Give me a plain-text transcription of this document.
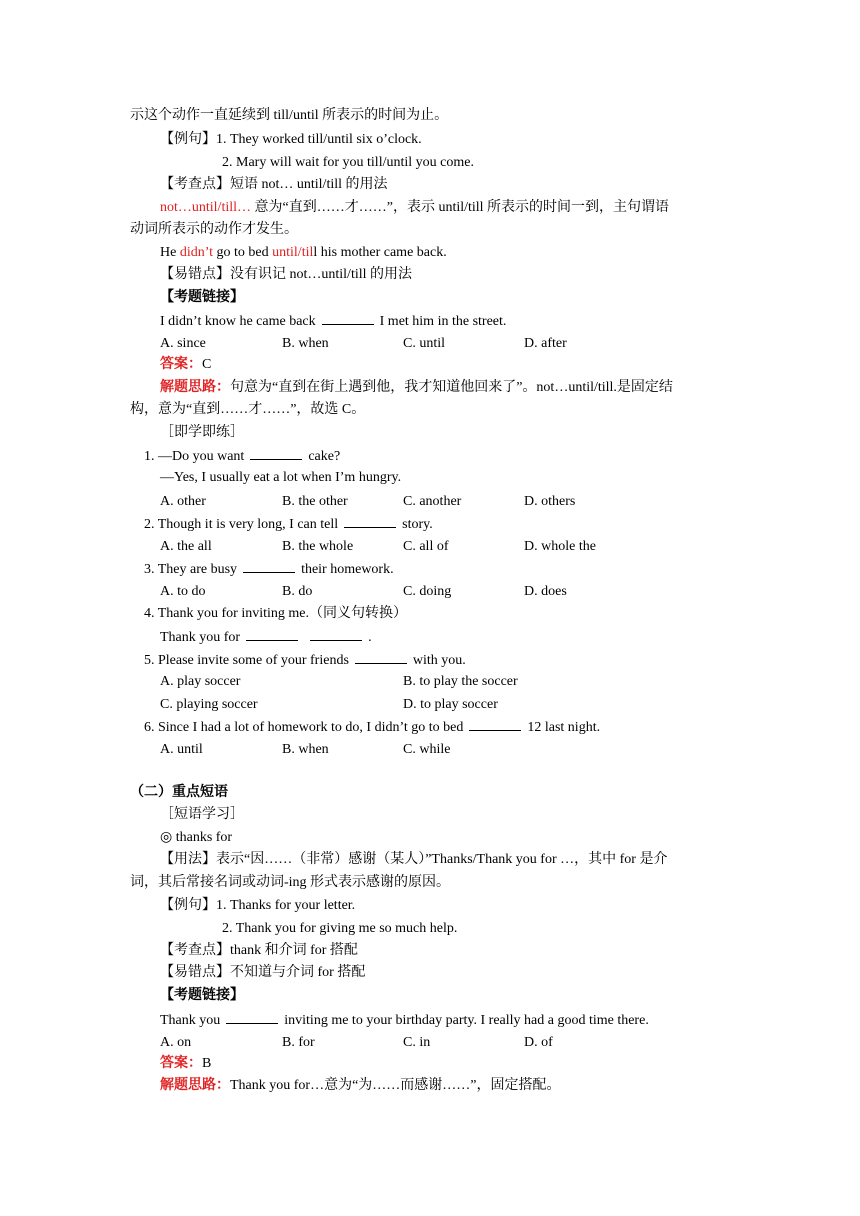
示这个动作一直延续到 till/until 所表示的时间为止。
【例句】1. They worked till/until six o’clock.
2. Mary will wait for you till/until you come.
【考查点】短语 not… until/till 的用法
not…until/till… 意为“直到……才……”，表示 until/till 所表示的时间一到，主句谓语
动词所表示的动作才发生。
He didn’t go to bed until/till his mother came back.
【易错点】没有识记 not…until/till 的用法
【考题链接】
I didn’t know he came back	I met him in the street.
A. since	B. when	C. until	D. after
答案：C
解题思路：句意为“直到在街上遇到他，我才知道他回来了”。not…until/till.是固定结
构，意为“直到……才……”，故选 C。
［即学即练］
1. —Do you want	cake?
—Yes, I usually eat a lot when I’m hungry.
A. other	B. the other	C. another	D. others
2. Though it is very long, I can tell	story.
A. the all	B. the whole	C. all of	D. whole the
3. They are busy	their homework.
A. to do	B. do	C. doing	D. does
4. Thank you for inviting me.（同义句转换）
Thank you for	.
5. Please invite some of your friends	with you.
A. play soccer	B. to play the soccer
C. playing soccer	D. to play soccer
6. Since I had a lot of homework to do, I didn’t go to bed	12 last night.
A. until	B. when	C. while
（二）重点短语
［短语学习］
◎ thanks for
【用法】表示“因……（非常）感谢（某人）”Thanks/Thank you for …，其中 for 是介
词，其后常接名词或动词-ing 形式表示感谢的原因。
【例句】1. Thanks for your letter.
2. Thank you for giving me so much help.
【考查点】thank 和介词 for 搭配
【易错点】不知道与介词 for 搭配
【考题链接】
Thank you	inviting me to your birthday party. I really had a good time there.
A. on	B. for	C. in	D. of
答案：B
解题思路：Thank you for…意为“为……而感谢……”，固定搭配。
